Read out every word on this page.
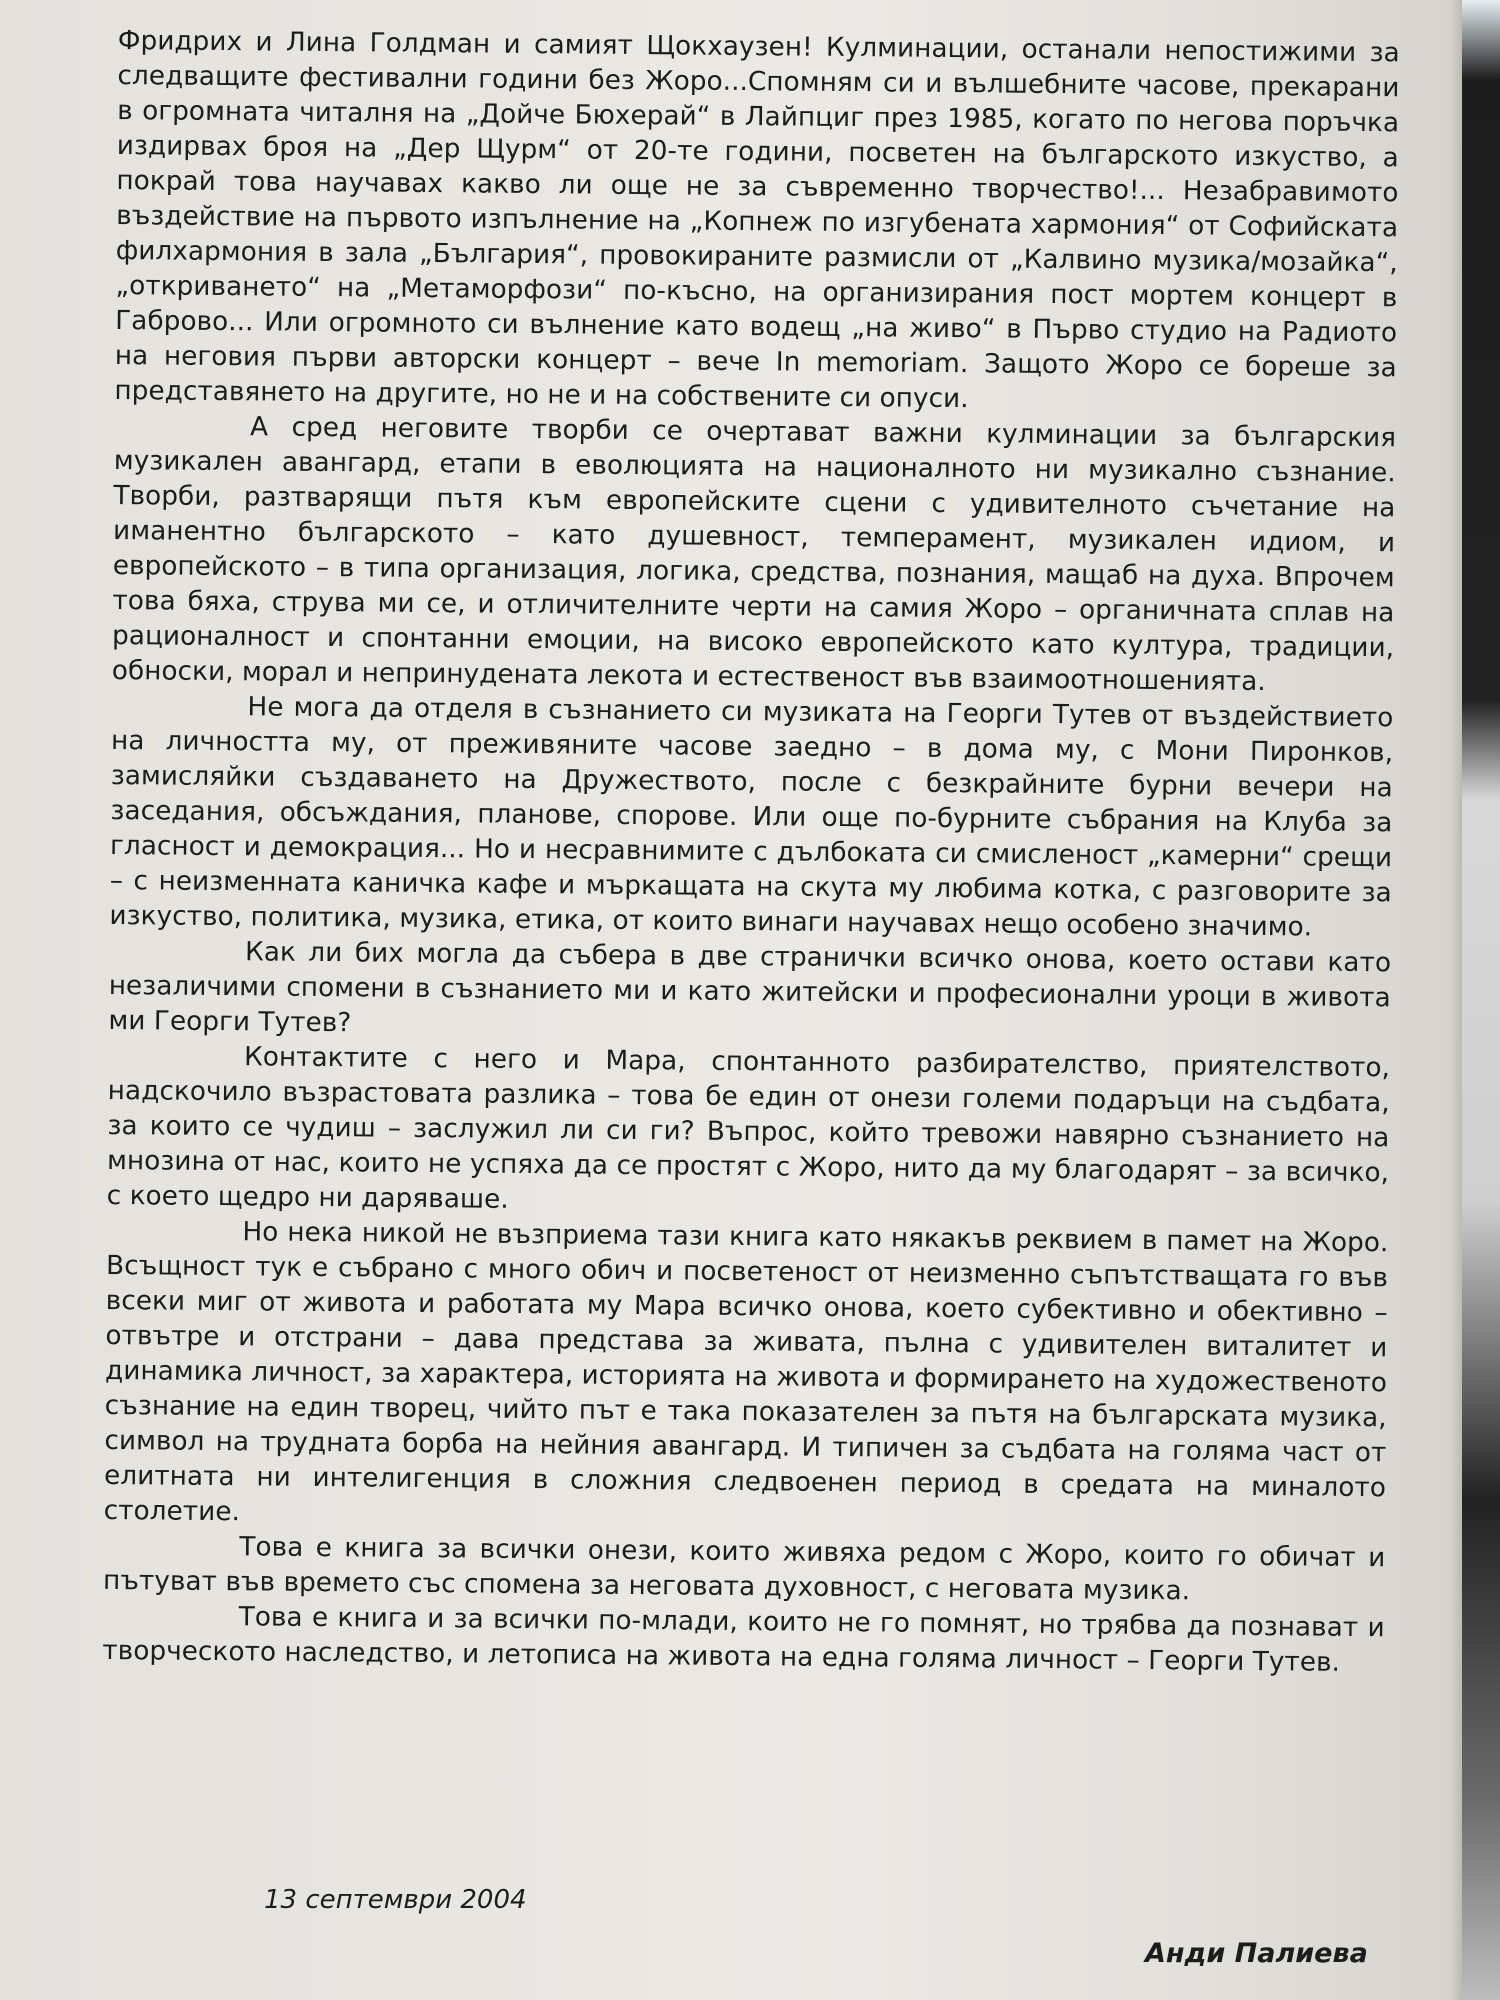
Фридрих и Лина Голдман и самият Щокхаузен! Кулминации, останали непостижими за следващите фестивални години без Жоро...Спомням си и вълшебните часове, прекарани в огромната читалня на „Дойче Бюхерай“ в Лайпциг през 1985, когато по негова поръчка издирвах броя на „Дер Щурм“ от 20-те години, посветен на българското изкуство, а покрай това научавах какво ли още не за съвременно творчество!... Незабравимото въздействие на първото изпълнение на „Копнеж по изгубената хармония“ от Софийската филхармония в зала „България“, провокираните размисли от „Калвино музика/мозайка“, „откриването“ на „Метаморфози“ по-късно, на организирания пост мортем концерт в Габрово... Или огромното си вълнение като водещ „на живо“ в Първо студио на Радиото на неговия първи авторски концерт – вече In memoriam. Защото Жоро се бореше за представянето на другите, но не и на собствените си опуси.

А сред неговите творби се очертават важни кулминации за българския музикален авангард, етапи в еволюцията на националното ни музикално съзнание. Творби, разтварящи пътя към европейските сцени с удивителното съчетание на иманентно българското – като душевност, темперамент, музикален идиом, и европейското – в типа организация, логика, средства, познания, мащаб на духа. Впрочем това бяха, струва ми се, и отличителните черти на самия Жоро – органичната сплав на рационалност и спонтанни емоции, на високо европейското като култура, традиции, обноски, морал и непринудената лекота и естественост във взаимоотношенията.

Не мога да отделя в съзнанието си музиката на Георги Тутев от въздействието на личността му, от преживяните часове заедно – в дома му, с Мони Пиронков, замисляйки създаването на Дружеството, после с безкрайните бурни вечери на заседания, обсъждания, планове, спорове. Или още по-бурните събрания на Клуба за гласност и демокрация... Но и несравнимите с дълбоката си смисленост „камерни“ срещи – с неизменната каничка кафе и мъркащата на скута му любима котка, с разговорите за изкуство, политика, музика, етика, от които винаги научавах нещо особено значимо.

Как ли бих могла да събера в две странички всичко онова, което остави като незаличими спомени в съзнанието ми и като житейски и професионални уроци в живота ми Георги Тутев?

Контактите с него и Мара, спонтанното разбирателство, приятелството, надскочило възрастовата разлика – това бе един от онези големи подаръци на съдбата, за които се чудиш – заслужил ли си ги? Въпрос, който тревожи навярно съзнанието на мнозина от нас, които не успяха да се простят с Жоро, нито да му благодарят – за всичко, с което щедро ни даряваше.

Но нека никой не възприема тази книга като някакъв реквием в памет на Жоро. Всъщност тук е събрано с много обич и посветеност от неизменно съпътстващата го във всеки миг от живота и работата му Мара всичко онова, което субективно и обективно – отвътре и отстрани – дава представа за живата, пълна с удивителен виталитет и динамика личност, за характера, историята на живота и формирането на художественото съзнание на един творец, чийто път е така показателен за пътя на българската музика, символ на трудната борба на нейния авангард. И типичен за съдбата на голяма част от елитната ни интелигенция в сложния следвоенен период в средата на миналото столетие.

Това е книга за всички онези, които живяха редом с Жоро, които го обичат и пътуват във времето със спомена за неговата духовност, с неговата музика.

Това е книга и за всички по-млади, които не го помнят, но трябва да познават и творческото наследство, и летописа на живота на една голяма личност – Георги Тутев.

13 септември 2004
Анди Палиева
